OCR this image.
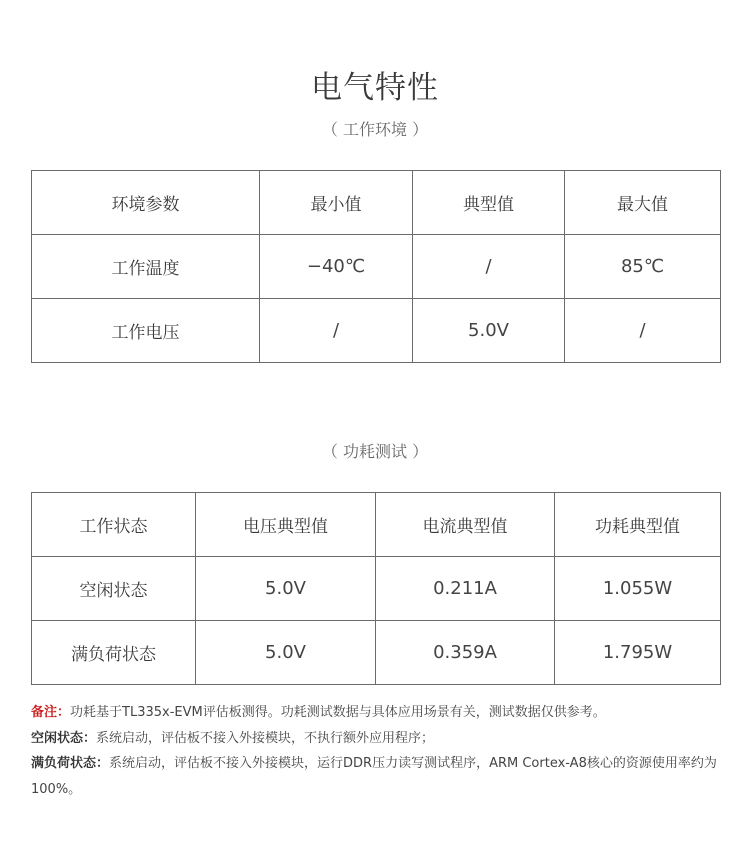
电气特性
（ 工作环境 ）
环境参数	最小值	典型值	最大值
工作温度	−40℃	/	85℃
工作电压	/	5.0V	/
（ 功耗测试 ）
工作状态	电压典型值	电流典型值	功耗典型值
空闲状态	5.0V	0.211A	1.055W
满负荷状态	5.0V	0.359A	1.795W

备注：功耗基于TL335x-EVM评估板测得。功耗测试数据与具体应用场景有关，测试数据仅供参考。

空闲状态：系统启动，评估板不接入外接模块，不执行额外应用程序；

满负荷状态：系统启动，评估板不接入外接模块，运行DDR压力读写测试程序，ARM Cortex-A8核心的资源使用率约为100%。
